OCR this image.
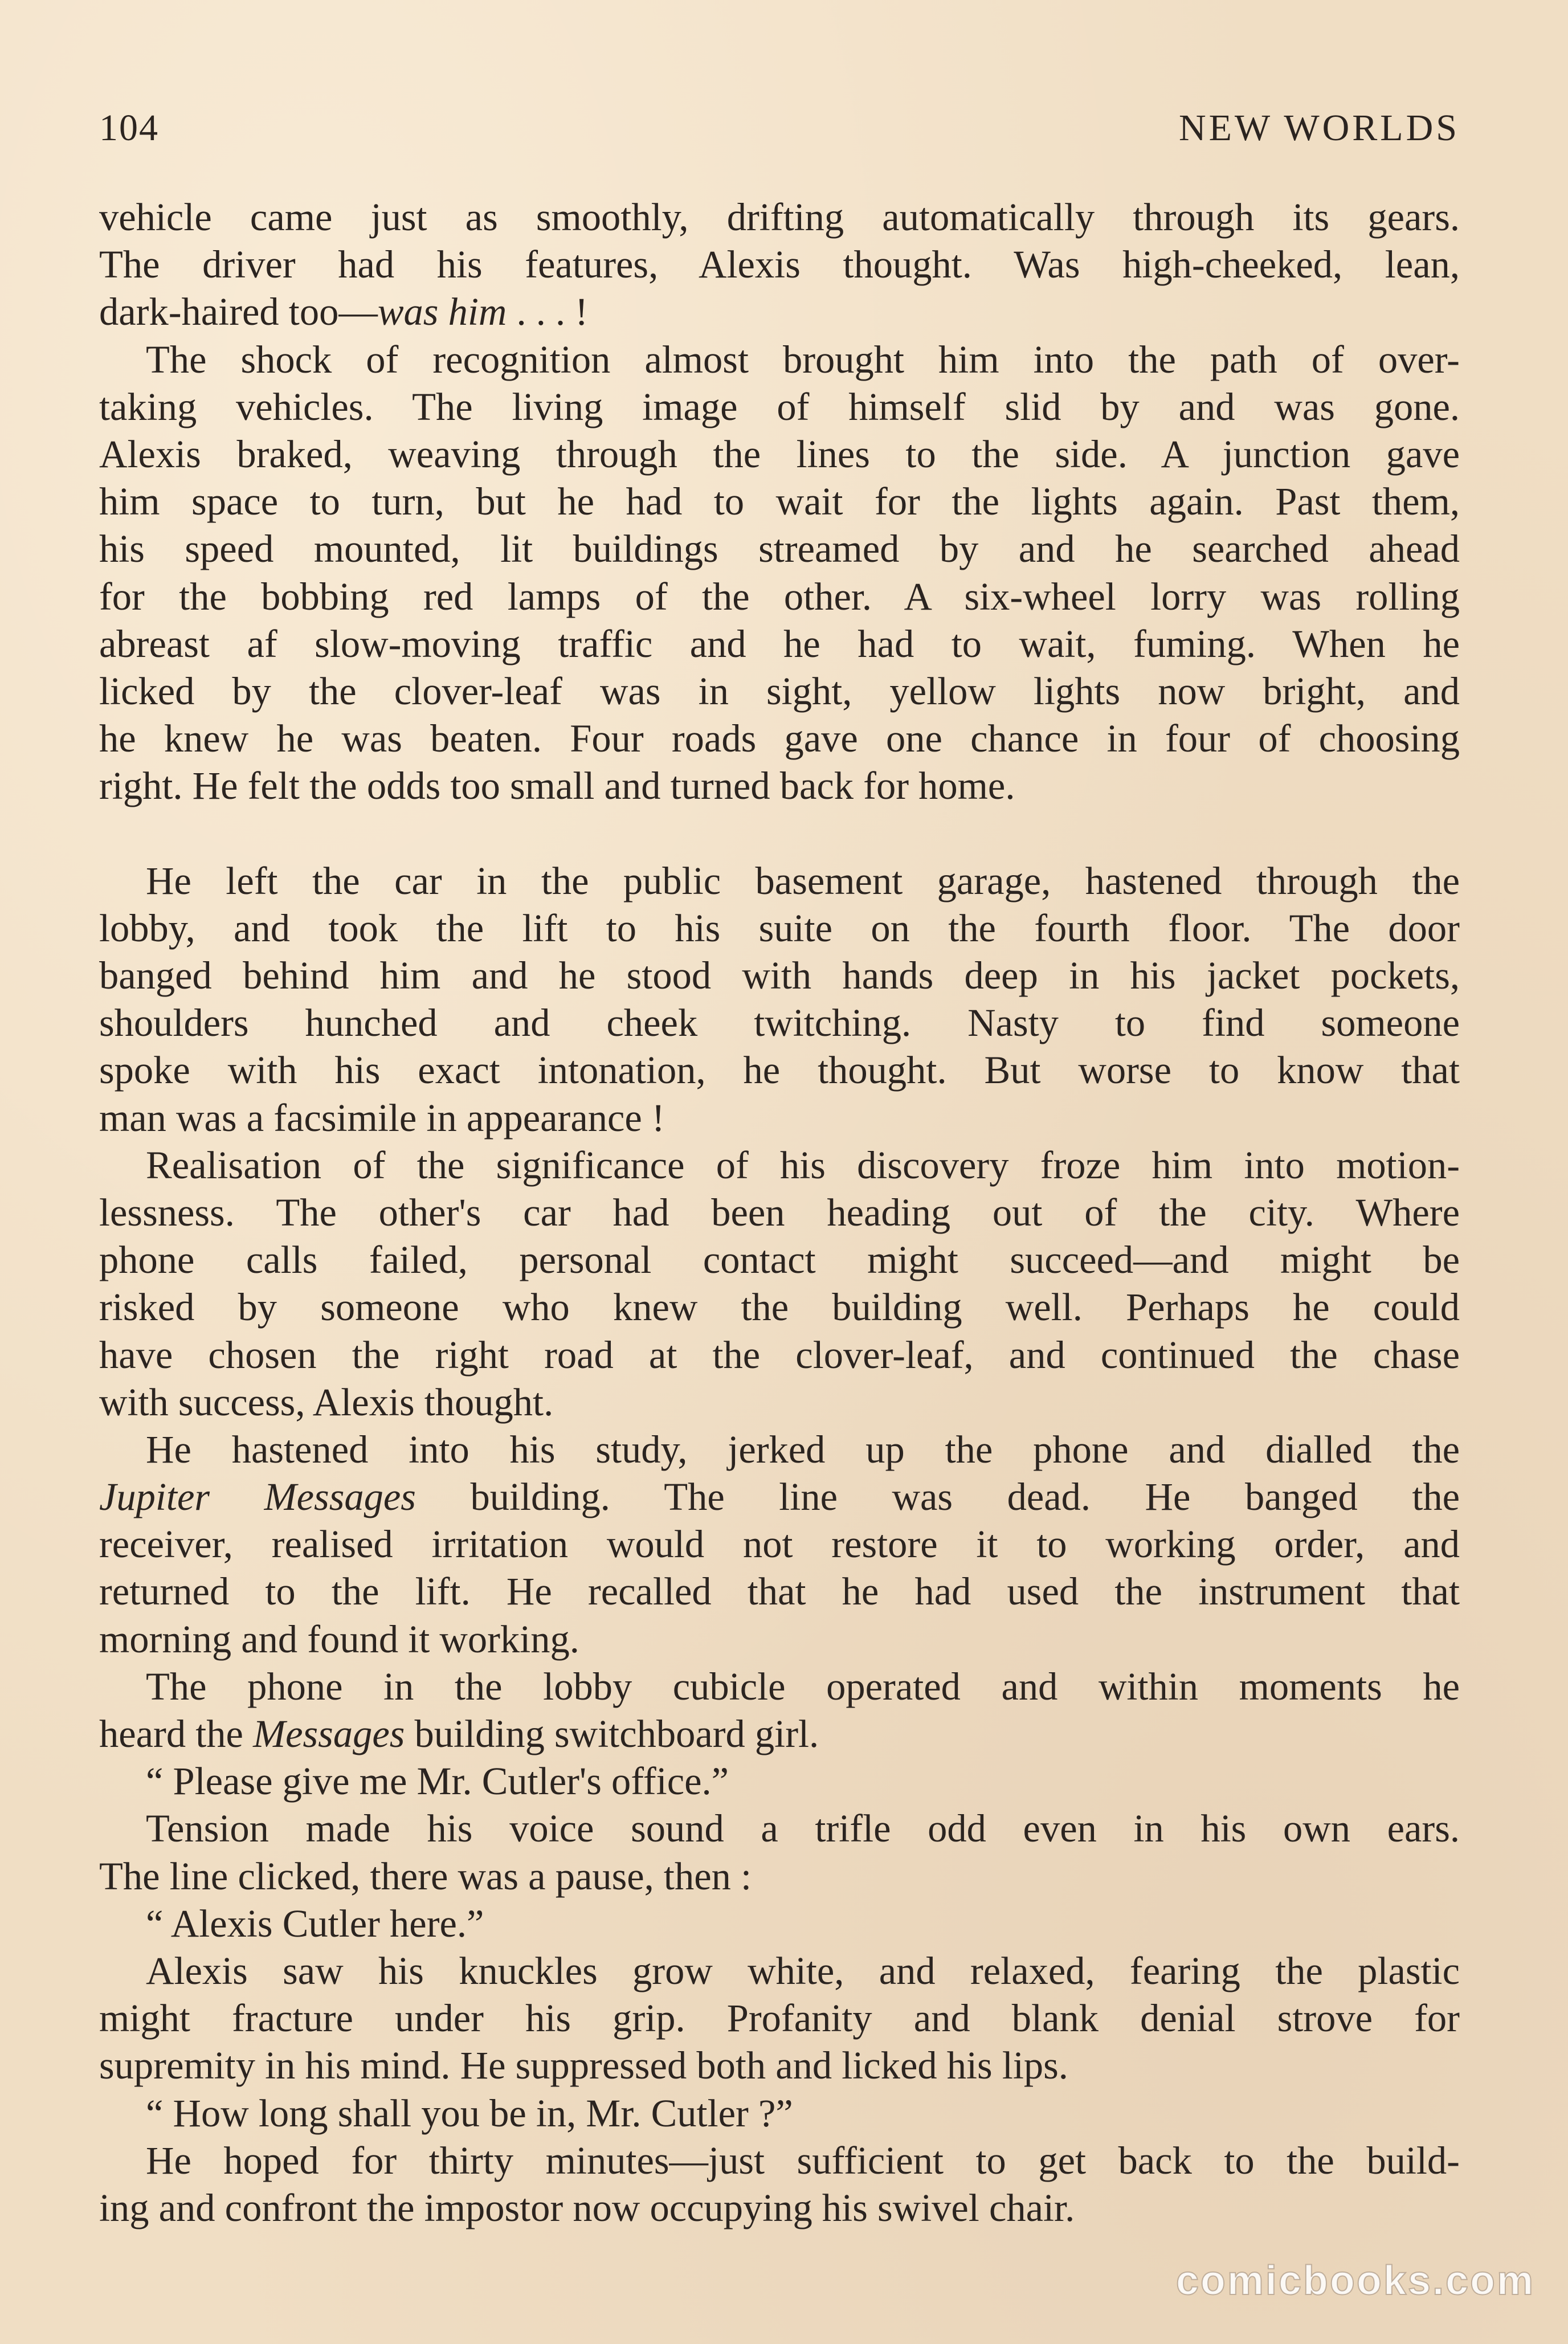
104	NEW WORLDS
vehicle came just as smoothly, drifting automatically through its gears.
The driver had his features, Alexis thought. Was high-cheeked, lean,
dark-haired too—was him . . . !
The shock of recognition almost brought him into the path of over-
taking vehicles. The living image of himself slid by and was gone.
Alexis braked, weaving through the lines to the side. A junction gave
him space to turn, but he had to wait for the lights again. Past them,
his speed mounted, lit buildings streamed by and he searched ahead
for the bobbing red lamps of the other. A six-wheel lorry was rolling
abreast af slow-moving traffic and he had to wait, fuming. When he
licked by the clover-leaf was in sight, yellow lights now bright, and
he knew he was beaten. Four roads gave one chance in four of choosing
right. He felt the odds too small and turned back for home.
He left the car in the public basement garage, hastened through the
lobby, and took the lift to his suite on the fourth floor. The door
banged behind him and he stood with hands deep in his jacket pockets,
shoulders hunched and cheek twitching. Nasty to find someone
spoke with his exact intonation, he thought. But worse to know that
man was a facsimile in appearance !
Realisation of the significance of his discovery froze him into motion-
lessness. The other's car had been heading out of the city. Where
phone calls failed, personal contact might succeed—and might be
risked by someone who knew the building well. Perhaps he could
have chosen the right road at the clover-leaf, and continued the chase
with success, Alexis thought.
He hastened into his study, jerked up the phone and dialled the
Jupiter Messages building. The line was dead. He banged the
receiver, realised irritation would not restore it to working order, and
returned to the lift. He recalled that he had used the instrument that
morning and found it working.
The phone in the lobby cubicle operated and within moments he
heard the Messages building switchboard girl.
“ Please give me Mr. Cutler's office.”
Tension made his voice sound a trifle odd even in his own ears.
The line clicked, there was a pause, then :
“ Alexis Cutler here.”
Alexis saw his knuckles grow white, and relaxed, fearing the plastic
might fracture under his grip. Profanity and blank denial strove for
supremity in his mind. He suppressed both and licked his lips.
“ How long shall you be in, Mr. Cutler ?”
He hoped for thirty minutes—just sufficient to get back to the build-
ing and confront the impostor now occupying his swivel chair.
comicbooks.com
